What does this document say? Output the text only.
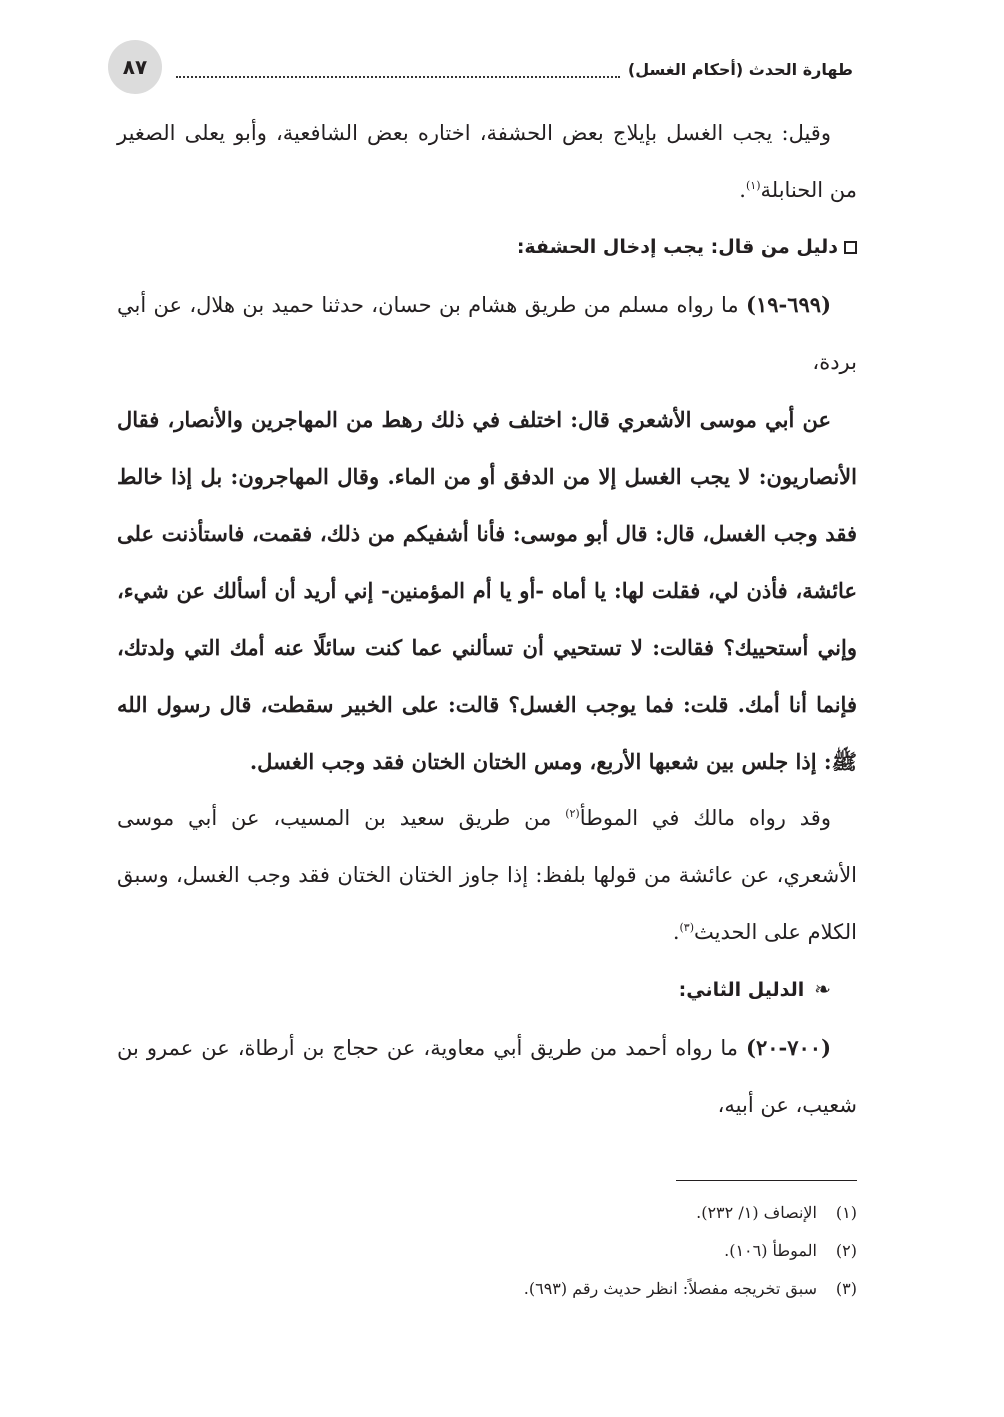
٨٧	طهارة الحدث (أحكام الغسل)

وقيل: يجب الغسل بإيلاج بعض الحشفة، اختاره بعض الشافعية، وأبو يعلى الصغير من الحنابلة$^{(١)}$.

دليل من قال: يجب إدخال الحشفة:

(٦٩٩-١٩) ما رواه مسلم من طريق هشام بن حسان، حدثنا حميد بن هلال، عن أبي بردة،

عن أبي موسى الأشعري قال: اختلف في ذلك رهط من المهاجرين والأنصار، فقال الأنصاريون: لا يجب الغسل إلا من الدفق أو من الماء. وقال المهاجرون: بل إذا خالط فقد وجب الغسل، قال: قال أبو موسى: فأنا أشفيكم من ذلك، فقمت، فاستأذنت على عائشة، فأذن لي، فقلت لها: يا أماه -أو يا أم المؤمنين- إني أريد أن أسألك عن شيء، وإني أستحييك؟ فقالت: لا تستحيي أن تسألني عما كنت سائلًا عنه أمك التي ولدتك، فإنما أنا أمك. قلت: فما يوجب الغسل؟ قالت: على الخبير سقطت، قال رسول الله ﷺ: إذا جلس بين شعبها الأربع، ومس الختان الختان فقد وجب الغسل.

وقد رواه مالك في الموطأ$^{(٢)}$ من طريق سعيد بن المسيب، عن أبي موسى الأشعري، عن عائشة من قولها بلفظ: إذا جاوز الختان الختان فقد وجب الغسل، وسبق الكلام على الحديث$^{(٣)}$.

❧الدليل الثاني:

(٧٠٠-٢٠) ما رواه أحمد من طريق أبي معاوية، عن حجاج بن أرطاة، عن عمرو بن شعيب، عن أبيه،

(١)الإنصاف (١/ ٢٣٢).

(٢)الموطأ (١٠٦).

(٣)سبق تخريجه مفصلاً: انظر حديث رقم (٦٩٣).
